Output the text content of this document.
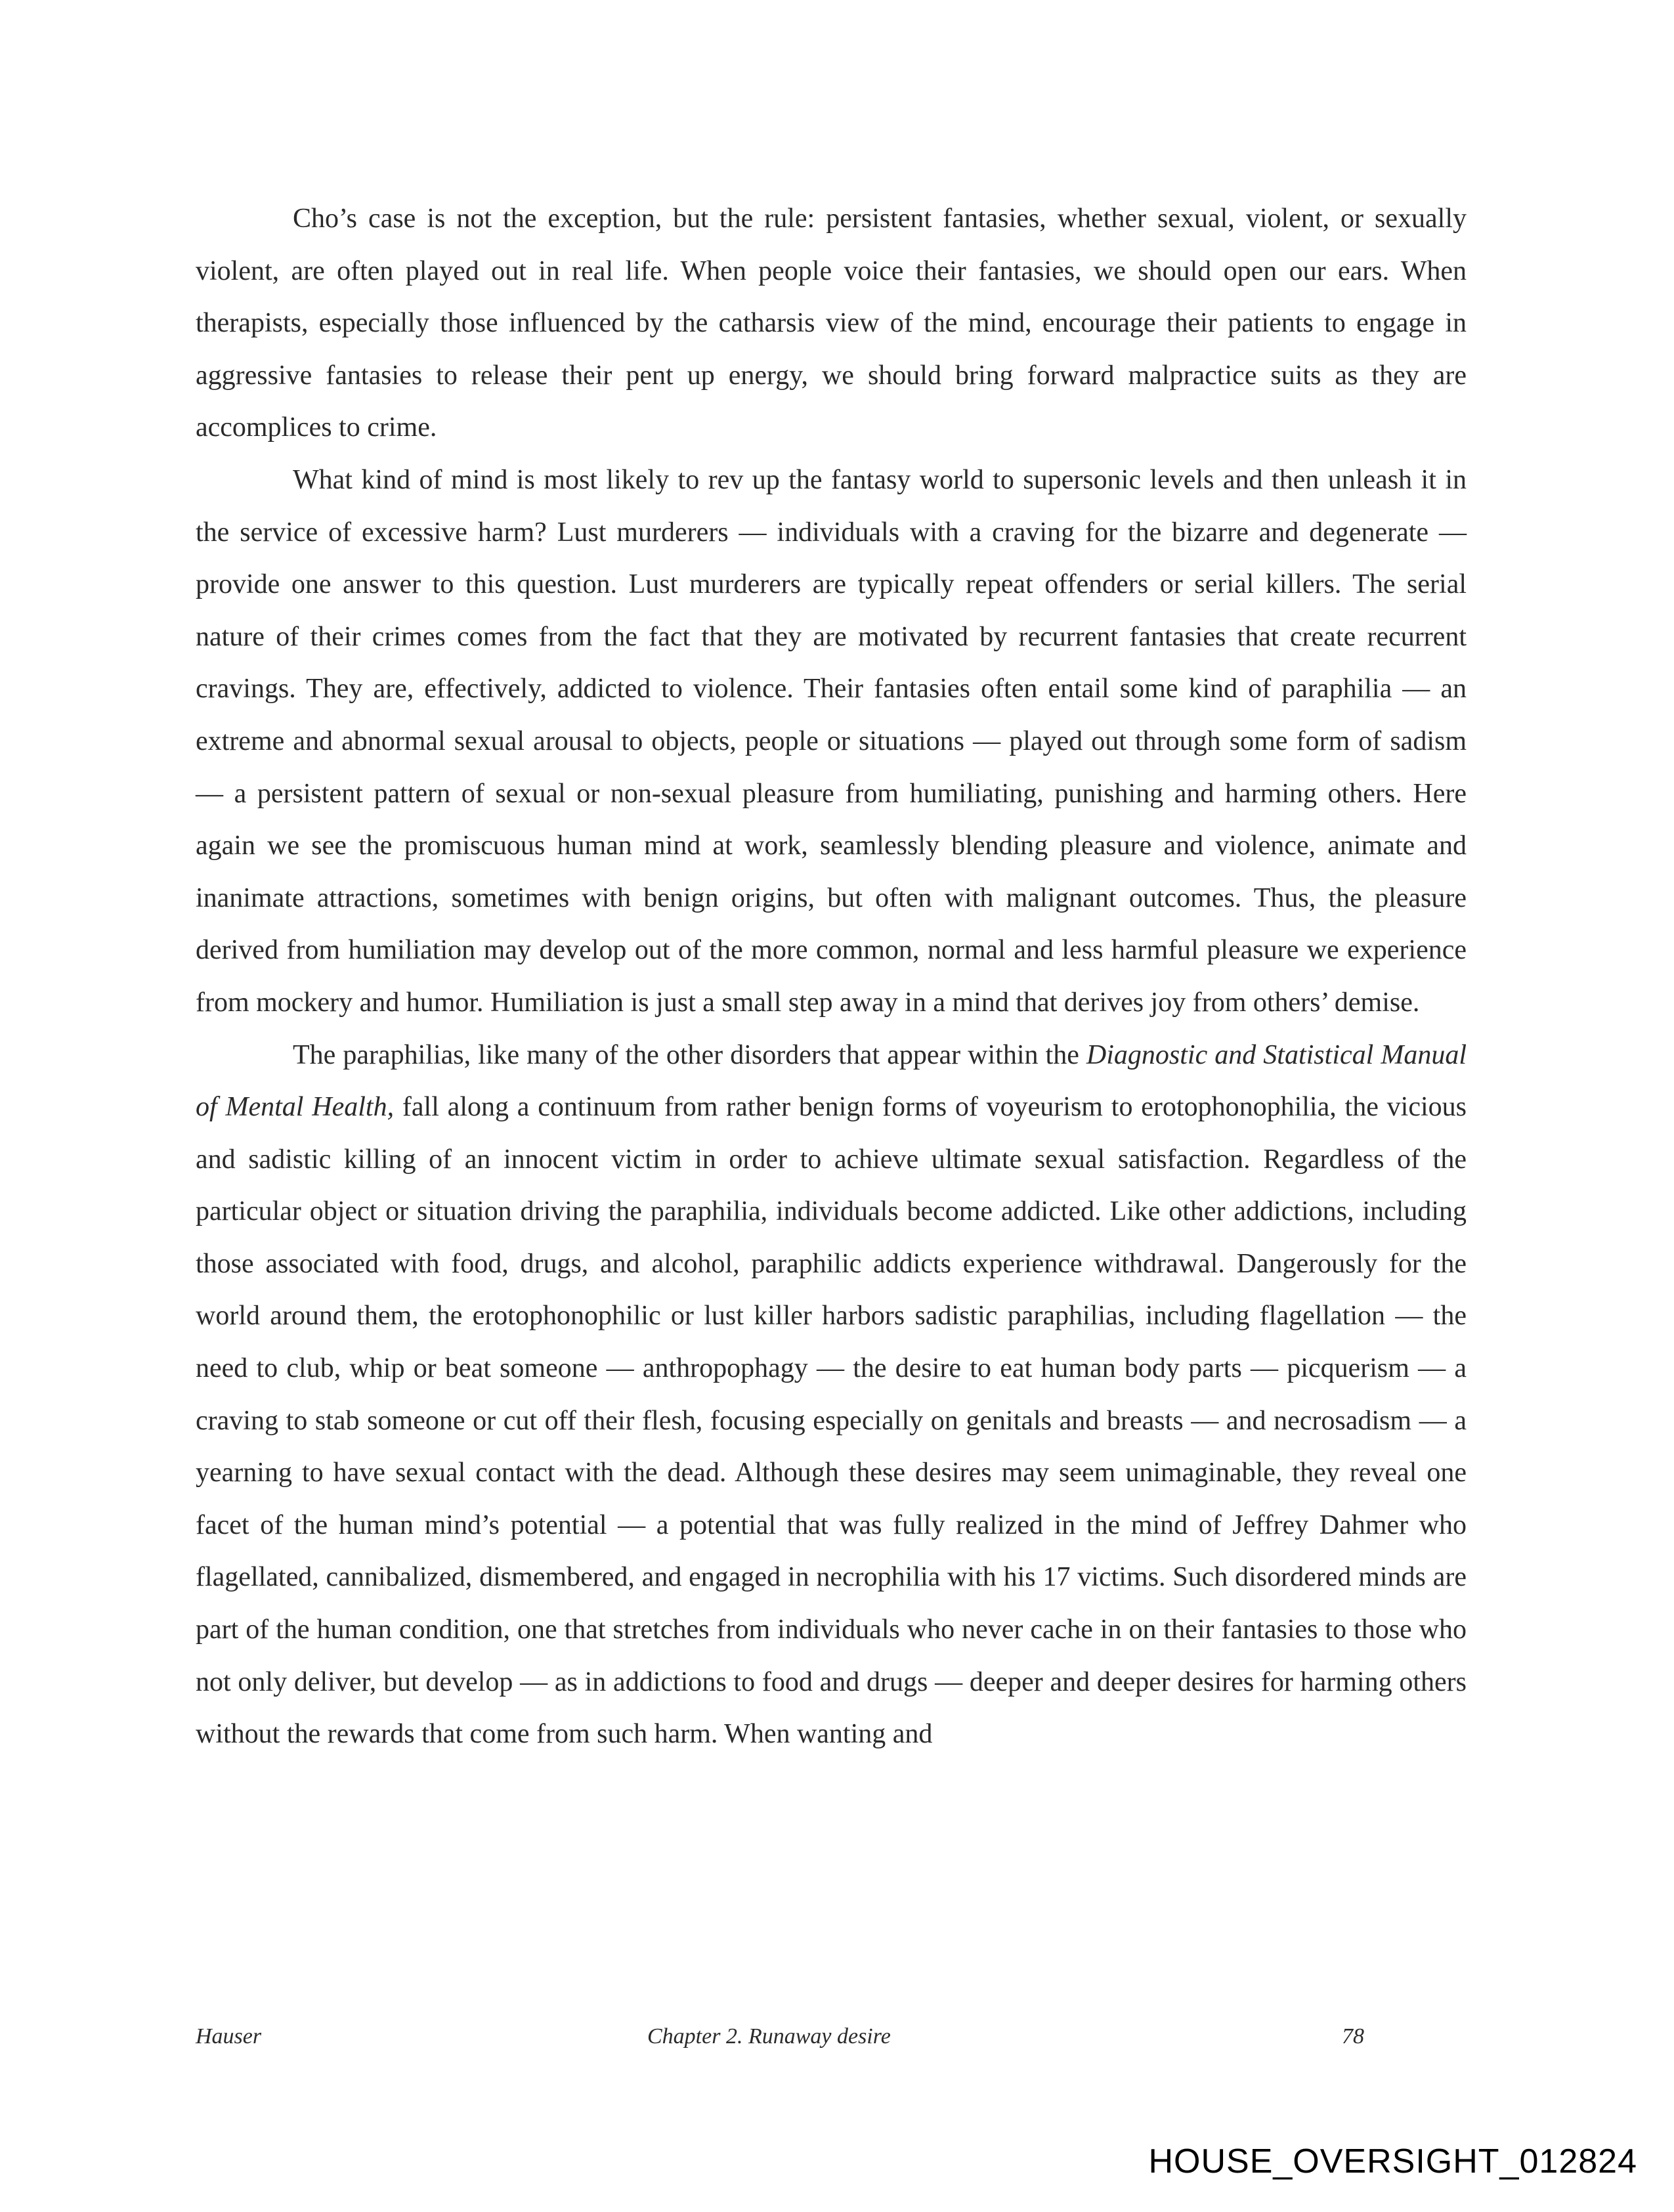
Cho’s case is not the exception, but the rule: persistent fantasies, whether sexual, violent, or sexually violent, are often played out in real life. When people voice their fantasies, we should open our ears. When therapists, especially those influenced by the catharsis view of the mind, encourage their patients to engage in aggressive fantasies to release their pent up energy, we should bring forward malpractice suits as they are accomplices to crime.

What kind of mind is most likely to rev up the fantasy world to supersonic levels and then unleash it in the service of excessive harm? Lust murderers — individuals with a craving for the bizarre and degenerate —provide one answer to this question. Lust murderers are typically repeat offenders or serial killers. The serial nature of their crimes comes from the fact that they are motivated by recurrent fantasies that create recurrent cravings. They are, effectively, addicted to violence. Their fantasies often entail some kind of paraphilia — an extreme and abnormal sexual arousal to objects, people or situations — played out through some form of sadism — a persistent pattern of sexual or non-sexual pleasure from humiliating, punishing and harming others. Here again we see the promiscuous human mind at work, seamlessly blending pleasure and violence, animate and inanimate attractions, sometimes with benign origins, but often with malignant outcomes. Thus, the pleasure derived from humiliation may develop out of the more common, normal and less harmful pleasure we experience from mockery and humor. Humiliation is just a small step away in a mind that derives joy from others’ demise.

The paraphilias, like many of the other disorders that appear within the Diagnostic and Statistical Manual of Mental Health, fall along a continuum from rather benign forms of voyeurism to erotophonophilia, the vicious and sadistic killing of an innocent victim in order to achieve ultimate sexual satisfaction. Regardless of the particular object or situation driving the paraphilia, individuals become addicted. Like other addictions, including those associated with food, drugs, and alcohol, paraphilic addicts experience withdrawal. Dangerously for the world around them, the erotophonophilic or lust killer harbors sadistic paraphilias, including flagellation — the need to club, whip or beat someone — anthropophagy — the desire to eat human body parts — picquerism — a craving to stab someone or cut off their flesh, focusing especially on genitals and breasts — and necrosadism — a yearning to have sexual contact with the dead. Although these desires may seem unimaginable, they reveal one facet of the human mind’s potential — a potential that was fully realized in the mind of Jeffrey Dahmer who flagellated, cannibalized, dismembered, and engaged in necrophilia with his 17 victims. Such disordered minds are part of the human condition, one that stretches from individuals who never cache in on their fantasies to those who not only deliver, but develop — as in addictions to food and drugs — deeper and deeper desires for harming others without the rewards that come from such harm. When wanting and

Hauser	Chapter 2. Runaway desire	78
HOUSE_OVERSIGHT_012824
